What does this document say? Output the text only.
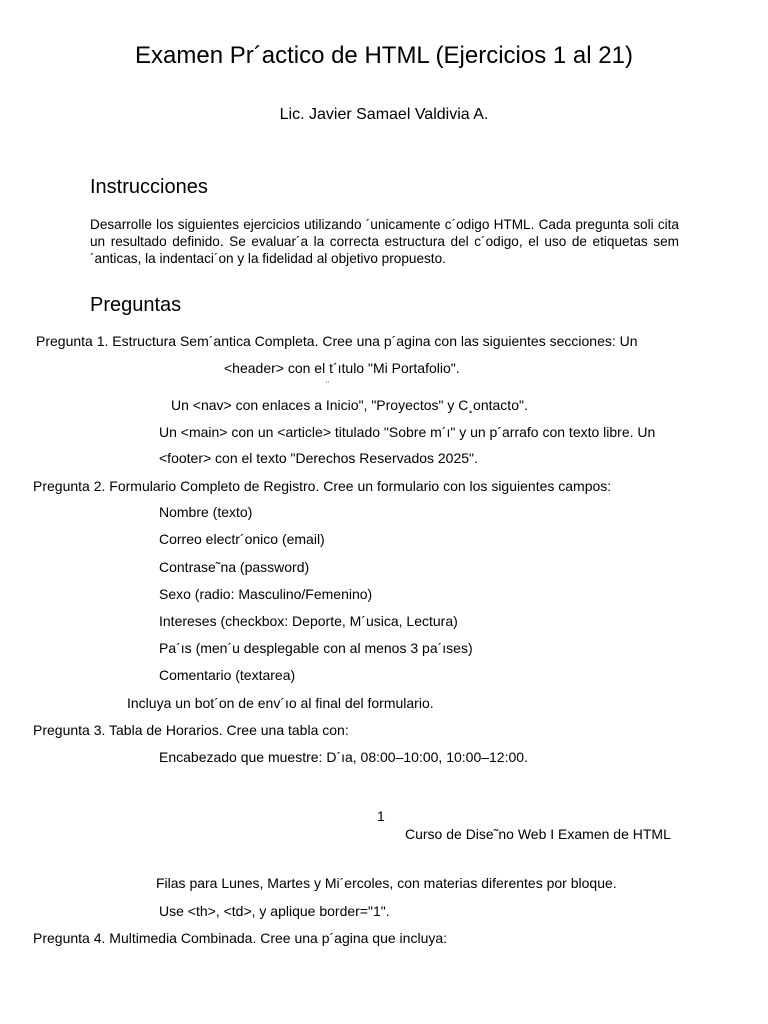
Examen Pr´actico de HTML (Ejercicios 1 al 21)
Lic. Javier Samael Valdivia A.
Instrucciones
Desarrolle los siguientes ejercicios utilizando ´unicamente c´odigo HTML. Cada pregunta soli cita un resultado definido. Se evaluar´a la correcta estructura del c´odigo, el uso de etiquetas sem´anticas, la indentaci´on y la fidelidad al objetivo propuesto.
Preguntas
¨
Pregunta 1. Estructura Sem´antica Completa. Cree una p´agina con las siguientes secciones: Un
<header> con el t´ıtulo "Mi Portafolio".
Un <nav> con enlaces a Inicio", "Proyectos" y C¸ontacto".
Un <main> con un <article> titulado "Sobre m´ı" y un p´arrafo con texto libre. Un
<footer> con el texto "Derechos Reservados 2025".
Pregunta 2. Formulario Completo de Registro. Cree un formulario con los siguientes campos:
Nombre (texto)
Correo electr´onico (email)
Contrase˜na (password)
Sexo (radio: Masculino/Femenino)
Intereses (checkbox: Deporte, M´usica, Lectura)
Pa´ıs (men´u desplegable con al menos 3 pa´ıses)
Comentario (textarea)
Incluya un bot´on de env´ıo al final del formulario.
Pregunta 3. Tabla de Horarios. Cree una tabla con:
Encabezado que muestre: D´ıa, 08:00–10:00, 10:00–12:00.
1
Curso de Dise˜no Web I Examen de HTML
Filas para Lunes, Martes y Mi´ercoles, con materias diferentes por bloque.
Use <th>, <td>, y aplique border="1".
Pregunta 4. Multimedia Combinada. Cree una p´agina que incluya:
